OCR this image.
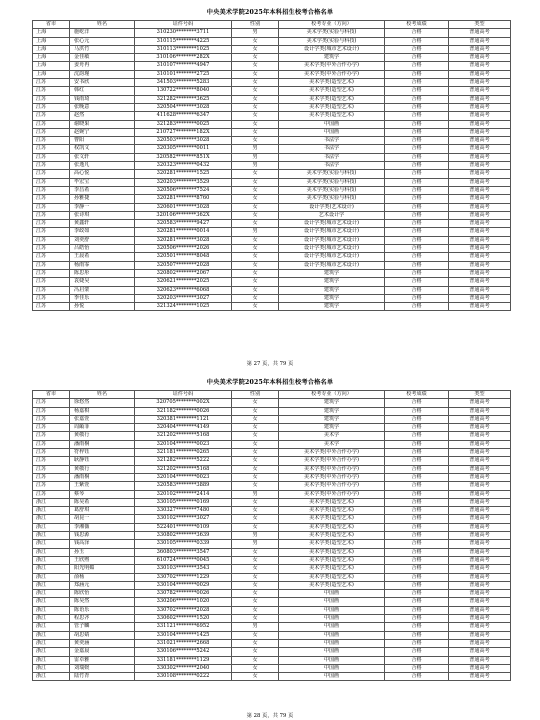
中央美术学院2025年本科招生校考合格名单
省市	姓名	证件号码	性别	校考专业（方向）	校考成绩	类型
上海	施屹洋	310230********3711	男	美术学类(实验与科技)	合格	普通高考
上海	张心元	310115********4225	女	美术学类(实验与科技)	合格	普通高考
上海	马洪竹	310113********1025	女	设计学类(城市艺术设计)	合格	普通高考
上海	金佳敏	310106********282X	女	建筑学	合格	普通高考
上海	姜舟冉	310107********4947	女	美术学类(中外合作办学)	合格	普通高考
上海	沈韵瑾	310101********2725	女	美术学类(中外合作办学)	合格	普通高考
江苏	安书欣	341503********5283	女	美术学类(造型艺术)	合格	普通高考
江苏	韩红	130722********8040	女	美术学类(造型艺术)	合格	普通高考
江苏	钱雨琦	321282********3625	女	美术学类(造型艺术)	合格	普通高考
江苏	张晚意	320504********3028	女	美术学类(造型艺术)	合格	普通高考
江苏	赵然	411628********6347	女	美术学类(造型艺术)	合格	普通高考
江苏	谢晓果	321283********0025	女	中国画	合格	普通高考
江苏	赵婉宁	210727********182X	女	中国画	合格	普通高考
江苏	曹阳	320503********3028	女	书法学	合格	普通高考
江苏	权凯文	320305********0011	男	书法学	合格	普通高考
江苏	张文轩	320582********851X	男	书法学	合格	普通高考
江苏	张逸凡	320323********0432	男	书法学	合格	普通高考
江苏	高心悦	320281********1525	女	美术学类(实验与科技)	合格	普通高考
江苏	毕宏宝	320203********3529	女	美术学类(实验与科技)	合格	普通高考
江苏	李昌希	320506********7524	女	美术学类(实验与科技)	合格	普通高考
江苏	孙雅捷	320281********8760	女	美术学类(实验与科技)	合格	普通高考
江苏	李静一	320601********3028	女	设计学类(艺术设计)	合格	普通高考
江苏	张诗琪	320106********362X	女	艺术设计学	合格	普通高考
江苏	黄鑫轩	320583********9427	女	设计学类(城市艺术设计)	合格	普通高考
江苏	李政如	320281********0014	男	设计学类(城市艺术设计)	合格	普通高考
江苏	刘奕舒	320281********3028	女	设计学类(城市艺术设计)	合格	普通高考
江苏	吕皓怡	320506********2026	女	设计学类(城市艺术设计)	合格	普通高考
江苏	王晨希	320501********8048	女	设计学类(城市艺术设计)	合格	普通高考
江苏	杨雨霏	320507********2028	女	设计学类(城市艺术设计)	合格	普通高考
江苏	陈思彤	320802********2067	女	建筑学	合格	普通高考
江苏	袁婕昊	320621********2025	女	建筑学	合格	普通高考
江苏	冯启蒙	320623********6068	女	建筑学	合格	普通高考
江苏	季佳乐	320203********3027	女	建筑学	合格	普通高考
江苏	孙悦	321324********1025	女	建筑学	合格	普通高考
第 27 页，共 79 页
中央美术学院2025年本科招生校考合格名单
省市	姓名	证件号码	性别	校考专业（方向）	校考成绩	类型
江苏	徐悠然	320705********002X	女	建筑学	合格	普通高考
江苏	杨嘉棋	321182********0026	女	建筑学	合格	普通高考
江苏	张嘉萱	320381********1121	女	建筑学	合格	普通高考
江苏	周頔菲	320404********4149	女	建筑学	合格	普通高考
江苏	黄敬行	321202********5168	女	美术学	合格	普通高考
江苏	潘雨桐	320104********0023	女	美术学	合格	普通高考
江苏	符梓钰	321181********0265	女	美术学类(中外合作办学)	合格	普通高考
江苏	耿静钰	321282********5222	女	美术学类(中外合作办学)	合格	普通高考
江苏	黄敬行	321202********5168	女	美术学类(中外合作办学)	合格	普通高考
江苏	潘雨桐	320104********0023	女	美术学类(中外合作办学)	合格	普通高考
江苏	王紫萱	320583********3889	女	美术学类(中外合作办学)	合格	普通高考
江苏	蔡琴	320102********2414	男	美术学类(中外合作办学)	合格	普通高考
浙江	陈昊希	330105********0169	女	美术学类(造型艺术)	合格	普通高考
浙江	葛舒琪	330327********7480	女	美术学类(造型艺术)	合格	普通高考
浙江	胡昆一	330102********3027	女	美术学类(造型艺术)	合格	普通高考
浙江	李湘薇	522401********0109	女	美术学类(造型艺术)	合格	普通高考
浙江	钱思源	330802********3639	男	美术学类(造型艺术)	合格	普通高考
浙江	钱高泽	330105********0339	男	美术学类(造型艺术)	合格	普通高考
浙江	孙玉	360803********3547	女	美术学类(造型艺术)	合格	普通高考
浙江	王欣煦	610724********0045	女	美术学类(造型艺术)	合格	普通高考
浙江	阳光明媚	330103********3543	女	美术学类(造型艺术)	合格	普通高考
浙江	俞杨	330702********1229	女	美术学类(造型艺术)	合格	普通高考
浙江	郑涵元	330104********0029	女	美术学类(造型艺术)	合格	普通高考
浙江	陈欣怡	330782********0026	女	中国画	合格	普通高考
浙江	陈昊然	330206********1020	女	中国画	合格	普通高考
浙江	陈语乐	330702********2028	女	中国画	合格	普通高考
浙江	程思齐	330602********1520	女	中国画	合格	普通高考
浙江	管子麟	331121********6952	男	中国画	合格	普通高考
浙江	胡思婧	330104********1425	女	中国画	合格	普通高考
浙江	黄奕涵	331021********2668	女	中国画	合格	普通高考
浙江	金嘉晨	330106********5242	女	中国画	合格	普通高考
浙江	雷卓雅	331181********1129	女	中国画	合格	普通高考
浙江	刘瑞媛	330302********2040	女	中国画	合格	普通高考
浙江	陆竹青	330108********0222	女	中国画	合格	普通高考
第 28 页，共 79 页
